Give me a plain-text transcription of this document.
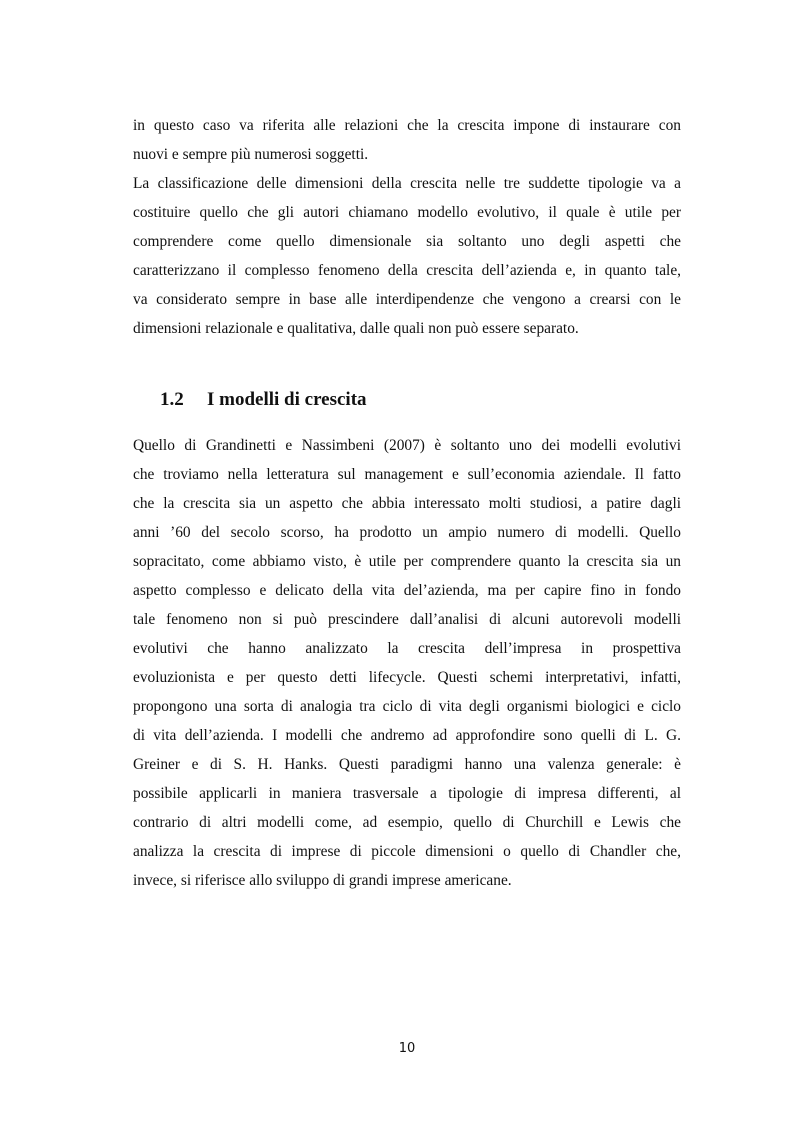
in questo caso va riferita alle relazioni che la crescita impone di instaurare con
nuovi e sempre più numerosi soggetti.
La classificazione delle dimensioni della crescita nelle tre suddette tipologie va a
costituire quello che gli autori chiamano modello evolutivo, il quale è utile per
comprendere come quello dimensionale sia soltanto uno degli aspetti che
caratterizzano il complesso fenomeno della crescita dell’azienda e, in quanto tale,
va considerato sempre in base alle interdipendenze che vengono a crearsi con le
dimensioni relazionale e qualitativa, dalle quali non può essere separato.
1.2 I modelli di crescita
Quello di Grandinetti e Nassimbeni (2007) è soltanto uno dei modelli evolutivi
che troviamo nella letteratura sul management e sull’economia aziendale. Il fatto
che la crescita sia un aspetto che abbia interessato molti studiosi, a patire dagli
anni ’60 del secolo scorso, ha prodotto un ampio numero di modelli. Quello
sopracitato, come abbiamo visto, è utile per comprendere quanto la crescita sia un
aspetto complesso e delicato della vita del’azienda, ma per capire fino in fondo
tale fenomeno non si può prescindere dall’analisi di alcuni autorevoli modelli
evolutivi che hanno analizzato la crescita dell’impresa in prospettiva
evoluzionista e per questo detti lifecycle. Questi schemi interpretativi, infatti,
propongono una sorta di analogia tra ciclo di vita degli organismi biologici e ciclo
di vita dell’azienda. I modelli che andremo ad approfondire sono quelli di L. G.
Greiner e di S. H. Hanks. Questi paradigmi hanno una valenza generale: è
possibile applicarli in maniera trasversale a tipologie di impresa differenti, al
contrario di altri modelli come, ad esempio, quello di Churchill e Lewis che
analizza la crescita di imprese di piccole dimensioni o quello di Chandler che,
invece, si riferisce allo sviluppo di grandi imprese americane.
10
